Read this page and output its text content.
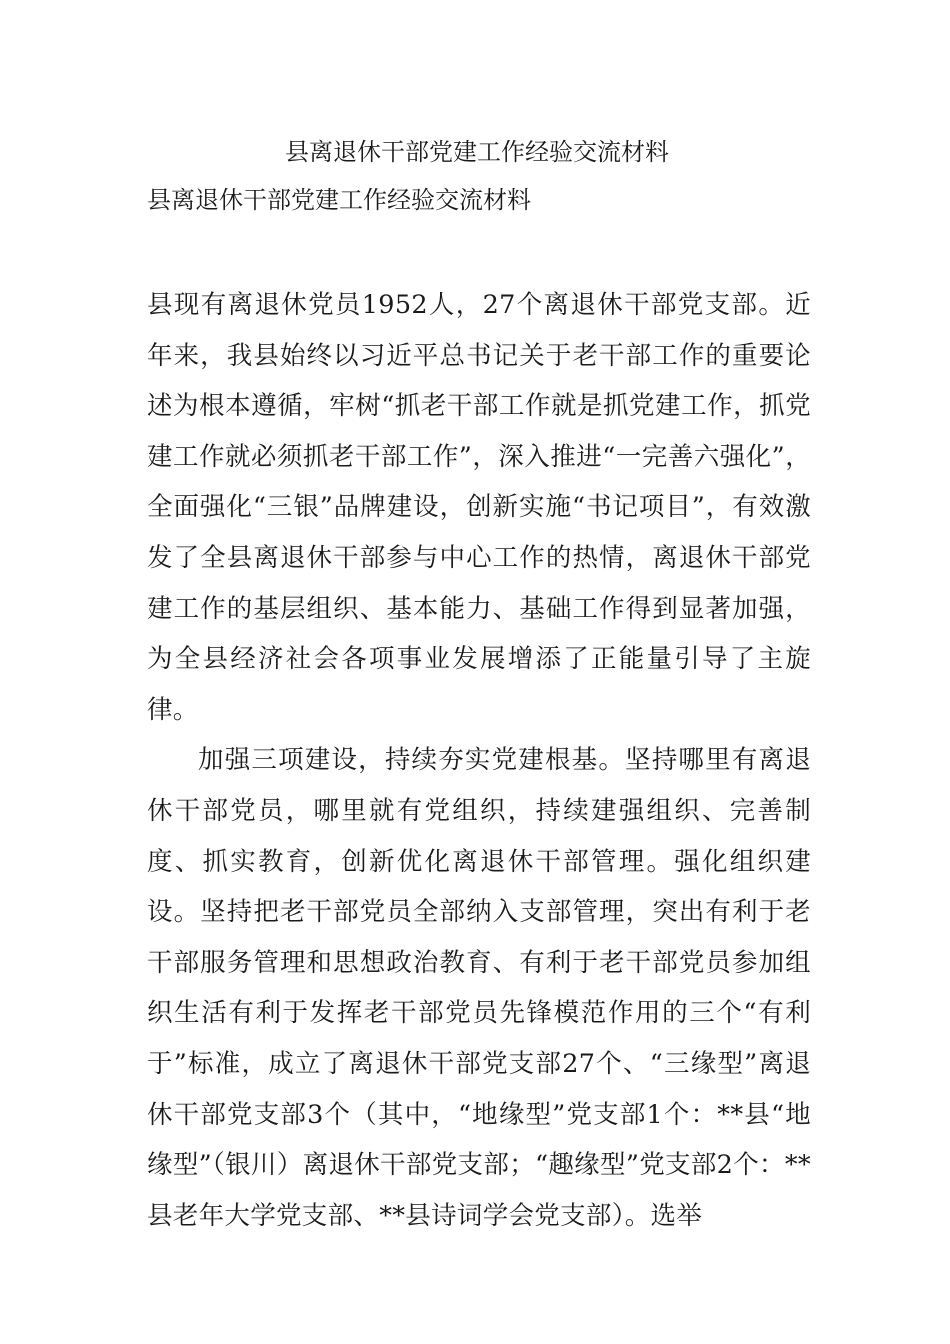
县离退休干部党建工作经验交流材料
县离退休干部党建工作经验交流材料

县现有离退休党员1952人，27个离退休干部党支部。近年来，我县始终以习近平总书记关于老干部工作的重要论述为根本遵循，牢树“抓老干部工作就是抓党建工作，抓党建工作就必须抓老干部工作”，深入推进“一完善六强化”，全面强化“三银”品牌建设，创新实施“书记项目”，有效激发了全县离退休干部参与中心工作的热情，离退休干部党建工作的基层组织、基本能力、基础工作得到显著加强，为全县经济社会各项事业发展增添了正能量引导了主旋律。

加强三项建设，持续夯实党建根基。坚持哪里有离退休干部党员，哪里就有党组织，持续建强组织、完善制度、抓实教育，创新优化离退休干部管理。强化组织建设。坚持把老干部党员全部纳入支部管理，突出有利于老干部服务管理和思想政治教育、有利于老干部党员参加组织生活有利于发挥老干部党员先锋模范作用的三个“有利于”标准，成立了离退休干部党支部27个、“三缘型”离退休干部党支部3个（其中，“地缘型”党支部1个：**县“地缘型”（银川）离退休干部党支部；“趣缘型”党支部2个：**县老年大学党支部、**县诗词学会党支部）。选举
